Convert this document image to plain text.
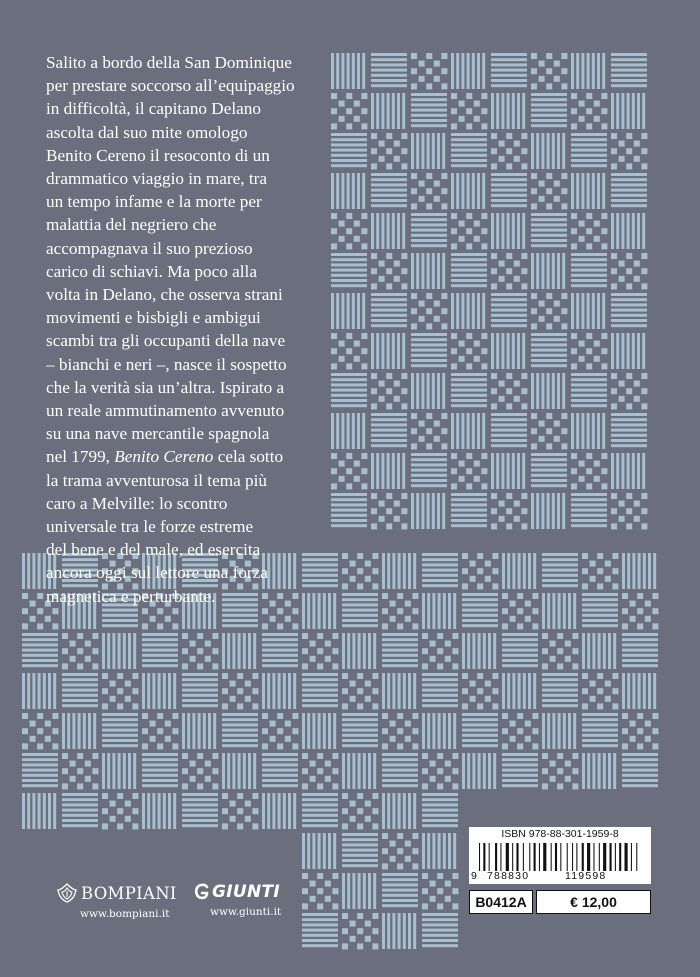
Salito a bordo della San Dominique
per prestare soccorso all’equipaggio
in difficoltà, il capitano Delano
ascolta dal suo mite omologo
Benito Cereno il resoconto di un
drammatico viaggio in mare, tra
un tempo infame e la morte per
malattia del negriero che
accompagnava il suo prezioso
carico di schiavi. Ma poco alla
volta in Delano, che osserva strani
movimenti e bisbigli e ambigui
scambi tra gli occupanti della nave
– bianchi e neri –, nasce il sospetto
che la verità sia un’altra. Ispirato a
un reale ammutinamento avvenuto
su una nave mercantile spagnola
nel 1799, Benito Cereno cela sotto
la trama avventurosa il tema più
caro a Melville: lo scontro
universale tra le forze estreme
del bene e del male, ed esercita
ancora oggi sul lettore una forza
magnetica e perturbante.

BOMPIANI
www.bompiani.it
GIUNTI
www.giunti.it
ISBN 978-88-301-1959-8
9 788830	119598
B0412A	€ 12,00
